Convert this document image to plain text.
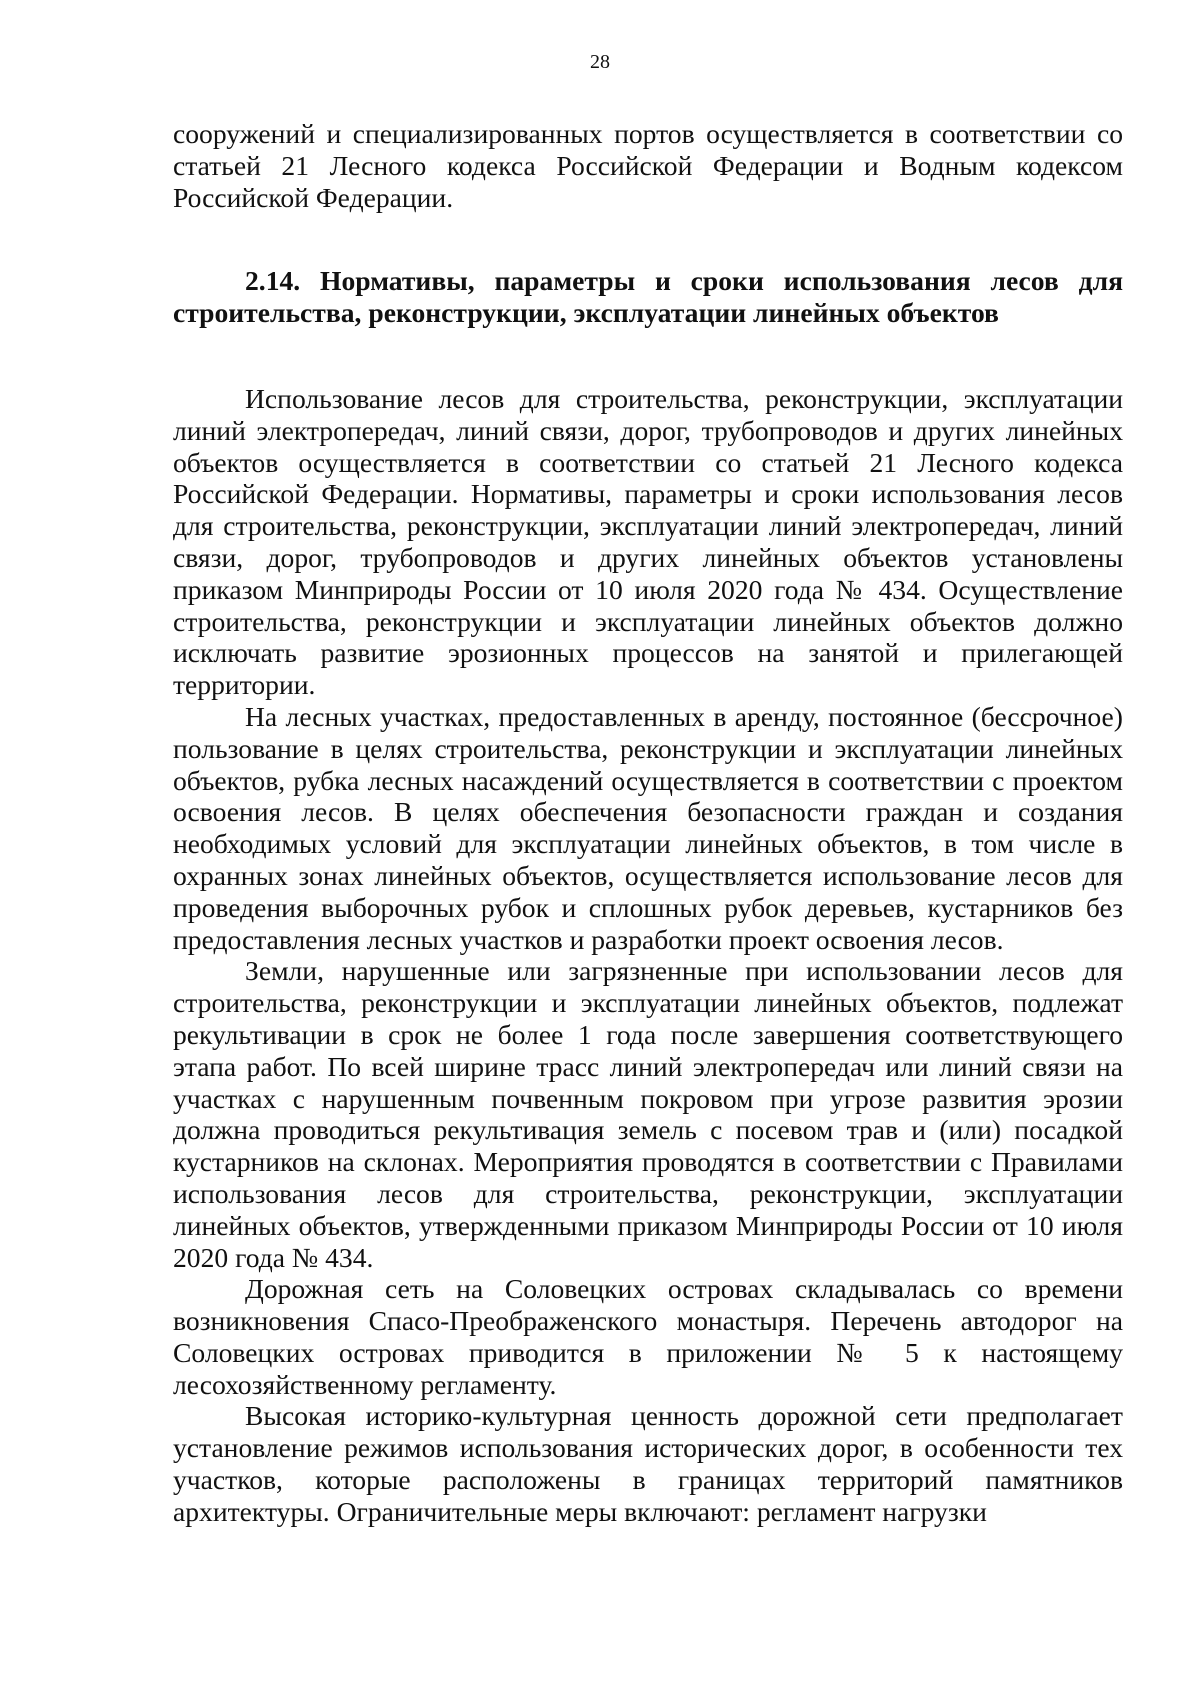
28

сооружений и специализированных портов осуществляется в соответствии со статьей 21 Лесного кодекса Российской Федерации и Водным кодексом Российской Федерации.

2.14. Нормативы, параметры и сроки использования лесов для строительства, реконструкции, эксплуатации линейных объектов

Использование лесов для строительства, реконструкции, эксплуатации линий электропередач, линий связи, дорог, трубопроводов и других линейных объектов осуществляется в соответствии со статьей 21 Лесного кодекса Российской Федерации. Нормативы, параметры и сроки использования лесов для строительства, реконструкции, эксплуатации линий электропередач, линий связи, дорог, трубопроводов и других линейных объектов установлены приказом Минприроды России от 10 июля 2020 года № 434. Осуществление строительства, реконструкции и эксплуатации линейных объектов должно исключать развитие эрозионных процессов на занятой и прилегающей территории.

На лесных участках, предоставленных в аренду, постоянное (бессрочное) пользование в целях строительства, реконструкции и эксплуатации линейных объектов, рубка лесных насаждений осуществляется в соответствии с проектом освоения лесов. В целях обеспечения безопасности граждан и создания необходимых условий для эксплуатации линейных объектов, в том числе в охранных зонах линейных объектов, осуществляется использование лесов для проведения выборочных рубок и сплошных рубок деревьев, кустарников без предоставления лесных участков и разработки проект освоения лесов.

Земли, нарушенные или загрязненные при использовании лесов для строительства, реконструкции и эксплуатации линейных объектов, подлежат рекультивации в срок не более 1 года после завершения соответствующего этапа работ. По всей ширине трасс линий электропередач или линий связи на участках с нарушенным почвенным покровом при угрозе развития эрозии должна проводиться рекультивация земель с посевом трав и (или) посадкой кустарников на склонах. Мероприятия проводятся в соответствии с Правилами использования лесов для строительства, реконструкции, эксплуатации линейных объектов, утвержденными приказом Минприроды России от 10 июля 2020 года № 434.

Дорожная сеть на Соловецких островах складывалась со времени возникновения Спасо-Преображенского монастыря. Перечень автодорог на Соловецких островах приводится в приложении № 5 к настоящему лесохозяйственному регламенту.

Высокая историко-культурная ценность дорожной сети предполагает установление режимов использования исторических дорог, в особенности тех участков, которые расположены в границах территорий памятников архитектуры. Ограничительные меры включают: регламент нагрузки
